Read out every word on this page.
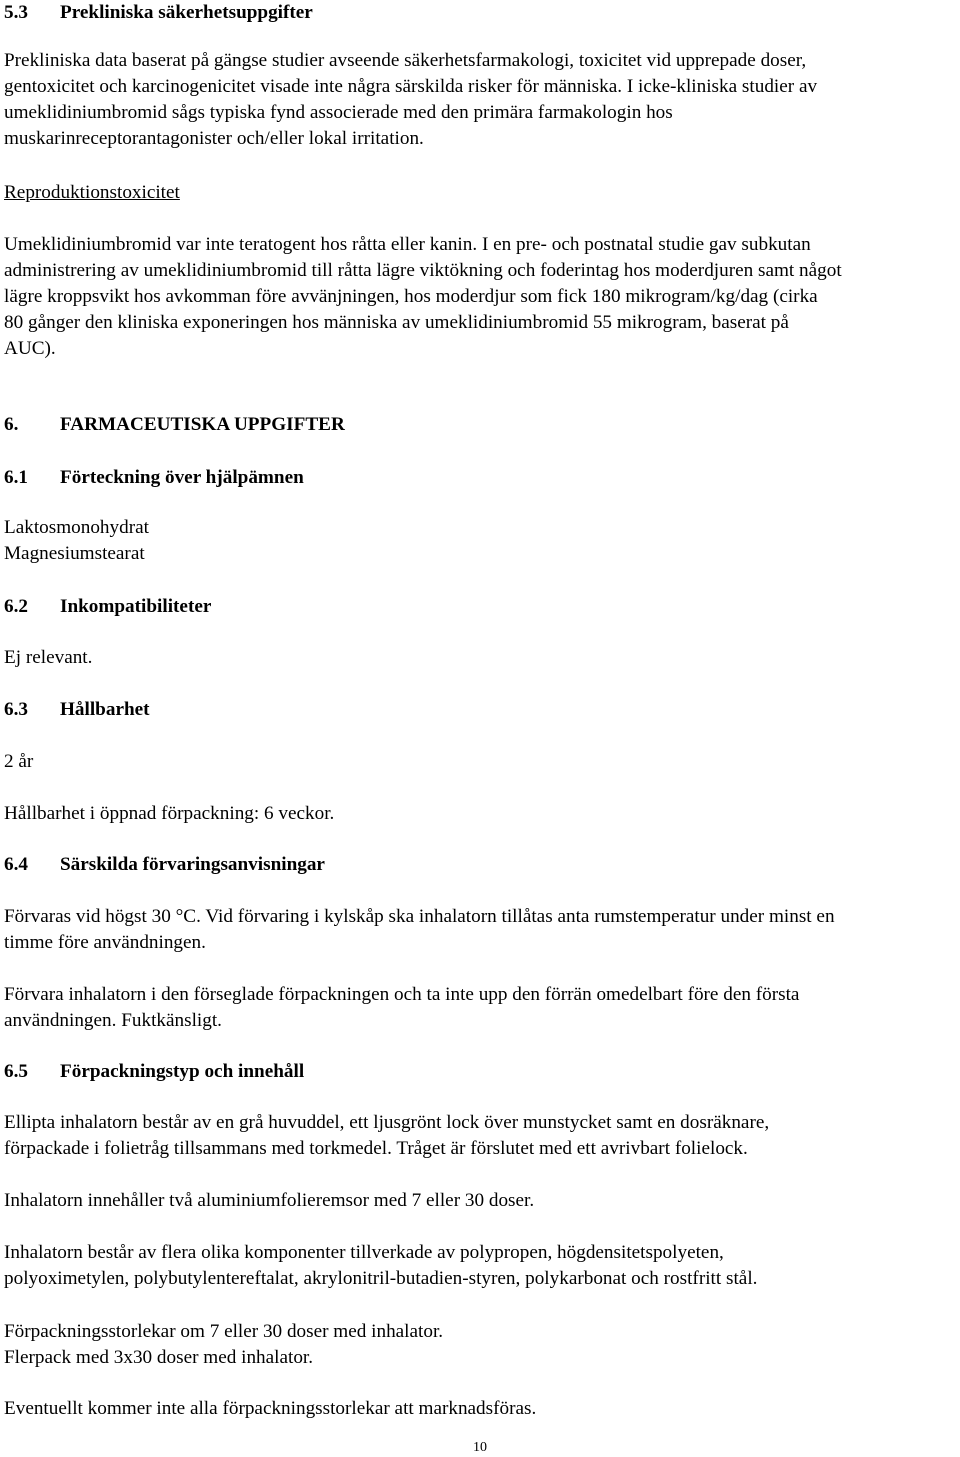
5.3 Prekliniska säkerhetsuppgifter

Prekliniska data baserat på gängse studier avseende säkerhetsfarmakologi, toxicitet vid upprepade doser,
gentoxicitet och karcinogenicitet visade inte några särskilda risker för människa. I icke-kliniska studier av
umeklidiniumbromid sågs typiska fynd associerade med den primära farmakologin hos
muskarinreceptorantagonister och/eller lokal irritation.
Reproduktionstoxicitet
Umeklidiniumbromid var inte teratogent hos råtta eller kanin. I en pre- och postnatal studie gav subkutan
administrering av umeklidiniumbromid till råtta lägre viktökning och foderintag hos moderdjuren samt något
lägre kroppsvikt hos avkomman före avvänjningen, hos moderdjur som fick 180 mikrogram/kg/dag (cirka
80 gånger den kliniska exponeringen hos människa av umeklidiniumbromid 55 mikrogram, baserat på
AUC).

6. FARMACEUTISKA UPPGIFTER

6.1 Förteckning över hjälpämnen

Laktosmonohydrat
Magnesiumstearat

6.2 Inkompatibiliteter

Ej relevant.

6.3 Hållbarhet

2 år
Hållbarhet i öppnad förpackning: 6 veckor.

6.4 Särskilda förvaringsanvisningar

Förvaras vid högst 30 °C. Vid förvaring i kylskåp ska inhalatorn tillåtas anta rumstemperatur under minst en
timme före användningen.
Förvara inhalatorn i den förseglade förpackningen och ta inte upp den förrän omedelbart före den första
användningen. Fuktkänsligt.

6.5 Förpackningstyp och innehåll

Ellipta inhalatorn består av en grå huvuddel, ett ljusgrönt lock över munstycket samt en dosräknare,
förpackade i folietråg tillsammans med torkmedel. Tråget är förslutet med ett avrivbart folielock.
Inhalatorn innehåller två aluminiumfolieremsor med 7 eller 30 doser.
Inhalatorn består av flera olika komponenter tillverkade av polypropen, högdensitetspolyeten,
polyoximetylen, polybutylentereftalat, akrylonitril-butadien-styren, polykarbonat och rostfritt stål.
Förpackningsstorlekar om 7 eller 30 doser med inhalator.
Flerpack med 3x30 doser med inhalator.
Eventuellt kommer inte alla förpackningsstorlekar att marknadsföras.
10
